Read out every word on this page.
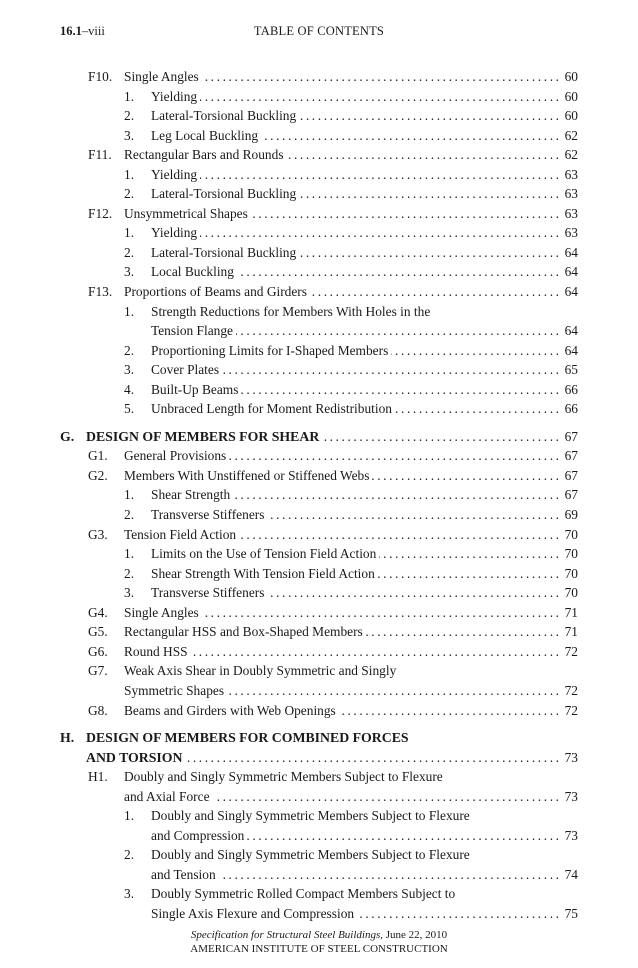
16.1–viii	TABLE OF CONTENTS
F10. Single Angles .....	60
1. Yielding .....	60
2. Lateral-Torsional Buckling .....	60
3. Leg Local Buckling .....	62
F11. Rectangular Bars and Rounds .....	62
1. Yielding .....	63
2. Lateral-Torsional Buckling .....	63
F12. Unsymmetrical Shapes .....	63
1. Yielding .....	63
2. Lateral-Torsional Buckling .....	64
3. Local Buckling .....	64
F13. Proportions of Beams and Girders .....	64
1. Strength Reductions for Members With Holes in the
Tension Flange .....	64
2. Proportioning Limits for I-Shaped Members .....	64
3. Cover Plates .....	65
4. Built-Up Beams .....	66
5. Unbraced Length for Moment Redistribution .....	66
G. DESIGN OF MEMBERS FOR SHEAR .....	67
G1. General Provisions .....	67
G2. Members With Unstiffened or Stiffened Webs .....	67
1. Shear Strength .....	67
2. Transverse Stiffeners .....	69
G3. Tension Field Action .....	70
1. Limits on the Use of Tension Field Action .....	70
2. Shear Strength With Tension Field Action .....	70
3. Transverse Stiffeners .....	70
G4. Single Angles .....	71
G5. Rectangular HSS and Box-Shaped Members .....	71
G6. Round HSS .....	72
G7. Weak Axis Shear in Doubly Symmetric and Singly
Symmetric Shapes .....	72
G8. Beams and Girders with Web Openings .....	72
H. DESIGN OF MEMBERS FOR COMBINED FORCES
AND TORSION .....	73
H1. Doubly and Singly Symmetric Members Subject to Flexure
and Axial Force .....	73
1. Doubly and Singly Symmetric Members Subject to Flexure
and Compression .....	73
2. Doubly and Singly Symmetric Members Subject to Flexure
and Tension .....	74
3. Doubly Symmetric Rolled Compact Members Subject to
Single Axis Flexure and Compression .....	75
Specification for Structural Steel Buildings, June 22, 2010
AMERICAN INSTITUTE OF STEEL CONSTRUCTION
